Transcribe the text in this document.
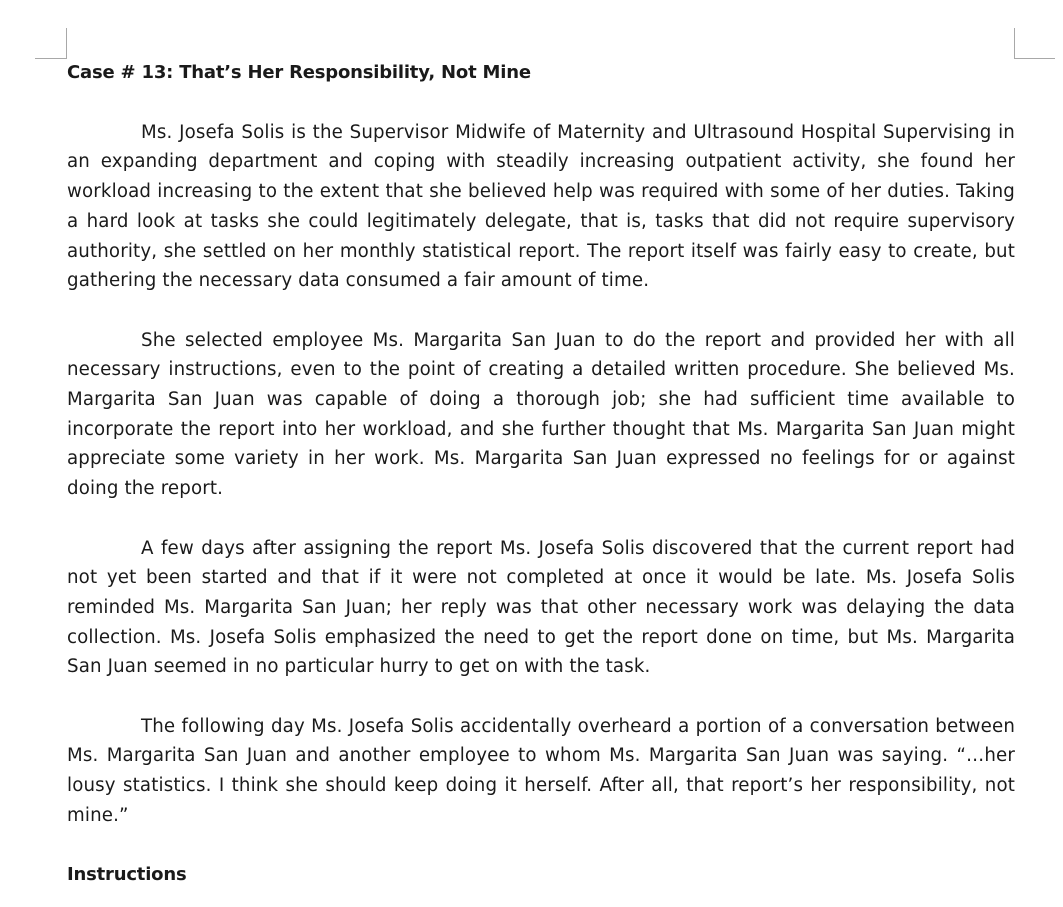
Case # 13: That’s Her Responsibility, Not Mine

Ms. Josefa Solis is the Supervisor Midwife of Maternity and Ultrasound Hospital Supervising in an expanding department and coping with steadily increasing outpatient activity, she found her workload increasing to the extent that she believed help was required with some of her duties. Taking a hard look at tasks she could legitimately delegate, that is, tasks that did not require supervisory authority, she settled on her monthly statistical report. The report itself was fairly easy to create, but gathering the necessary data consumed a fair amount of time.

She selected employee Ms. Margarita San Juan to do the report and provided her with all necessary instructions, even to the point of creating a detailed written procedure. She believed Ms. Margarita San Juan was capable of doing a thorough job; she had sufficient time available to incorporate the report into her workload, and she further thought that Ms. Margarita San Juan might appreciate some variety in her work. Ms. Margarita San Juan expressed no feelings for or against doing the report.

A few days after assigning the report Ms. Josefa Solis discovered that the current report had not yet been started and that if it were not completed at once it would be late. Ms. Josefa Solis reminded Ms. Margarita San Juan; her reply was that other necessary work was delaying the data collection. Ms. Josefa Solis emphasized the need to get the report done on time, but Ms. Margarita San Juan seemed in no particular hurry to get on with the task.

The following day Ms. Josefa Solis accidentally overheard a portion of a conversation between Ms. Margarita San Juan and another employee to whom Ms. Margarita San Juan was saying. “…her lousy statistics. I think she should keep doing it herself. After all, that report’s her responsibility, not mine.”

Instructions
